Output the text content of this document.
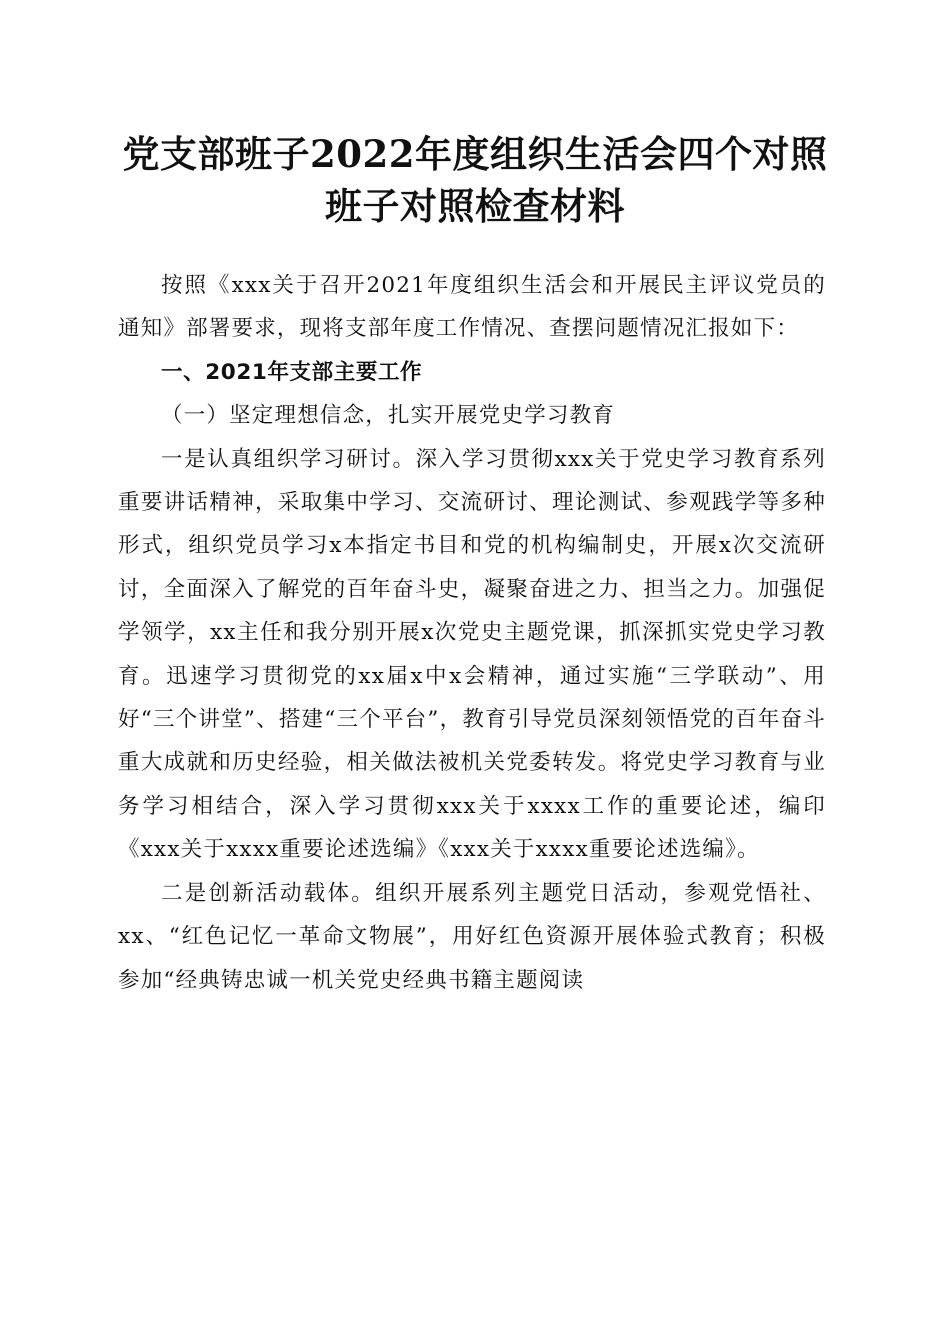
党支部班子2022年度组织生活会四个对照班子对照检查材料

按照《xxx关于召开2021年度组织生活会和开展民主评议党员的通知》部署要求，现将支部年度工作情况、查摆问题情况汇报如下：

一、2021年支部主要工作

（一）坚定理想信念，扎实开展党史学习教育

一是认真组织学习研讨。深入学习贯彻xxx关于党史学习教育系列重要讲话精神，采取集中学习、交流研讨、理论测试、参观践学等多种形式，组织党员学习x本指定书目和党的机构编制史，开展x次交流研讨，全面深入了解党的百年奋斗史，凝聚奋进之力、担当之力。加强促学领学，xx主任和我分别开展x次党史主题党课，抓深抓实党史学习教育。迅速学习贯彻党的xx届x中x会精神，通过实施“三学联动”、用好“三个讲堂”、搭建“三个平台”，教育引导党员深刻领悟党的百年奋斗重大成就和历史经验，相关做法被机关党委转发。将党史学习教育与业务学习相结合，深入学习贯彻xxx关于xxxx工作的重要论述，编印《xxx关于xxxx重要论述选编》《xxx关于xxxx重要论述选编》。

二是创新活动载体。组织开展系列主题党日活动，参观党悟社、xx、“红色记忆一革命文物展”，用好红色资源开展体验式教育；积极参加“经典铸忠诚一机关党史经典书籍主题阅读
